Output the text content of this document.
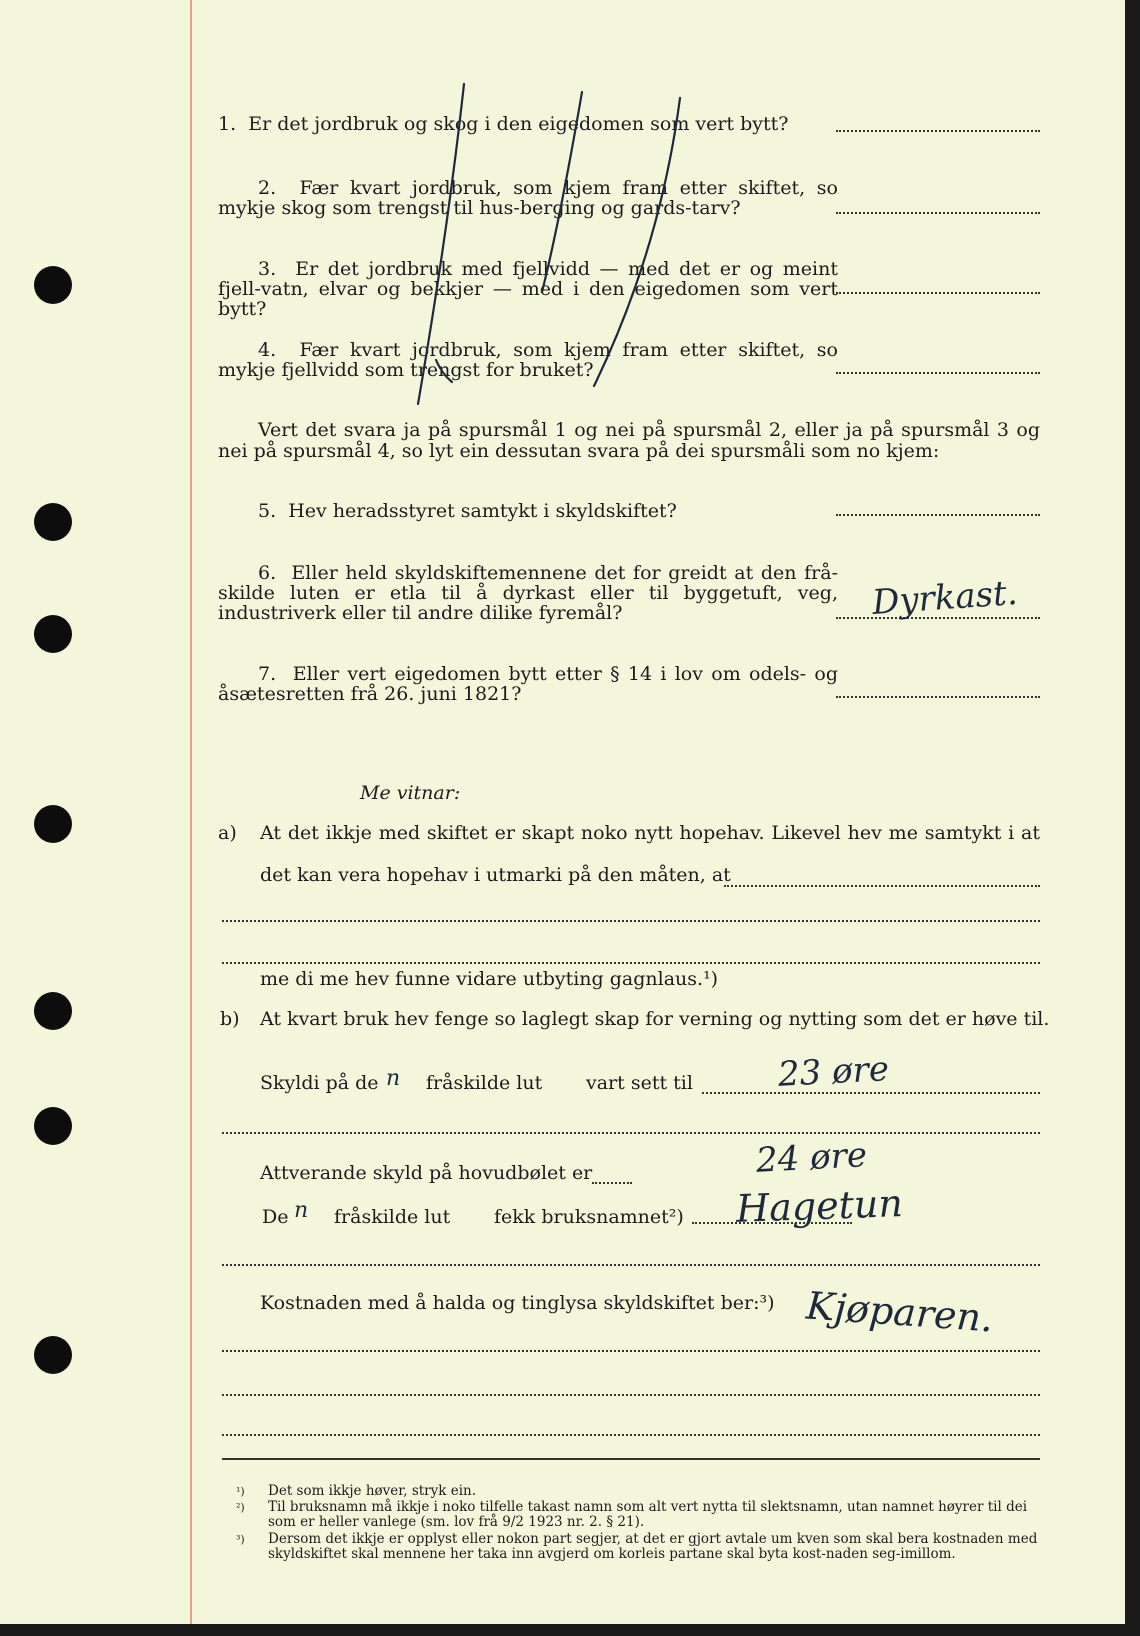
1. Er det jordbruk og skog i den eigedomen som vert bytt?
2. Fær kvart jordbruk, som kjem fram etter skiftet, so mykje skog som trengst til hus‐berging og gards‐tarv?
3. Er det jordbruk med fjellvidd — med det er og meint fjell‐vatn, elvar og bekkjer — med i den eigedomen som vert bytt?
4. Fær kvart jordbruk, som kjem fram etter skiftet, so mykje fjellvidd som trengst for bruket?
Vert det svara ja på spursmål 1 og nei på spursmål 2, eller ja på spursmål 3 og nei på spursmål 4, so lyt ein dessutan svara på dei spursmåli som no kjem:
5. Hev heradsstyret samtykt i skyldskiftet?
6. Eller held skyldskiftemennene det for greidt at den frå‐skilde luten er etla til å dyrkast eller til byggetuft, veg, industriverk eller til andre dilike fyremål?	Dyrkast.
7. Eller vert eigedomen bytt etter § 14 i lov om odels‐ og åsætesretten frå 26. juni 1821?
Me vitnar:
a) At det ikkje med skiftet er skapt noko nytt hopehav. Likevel hev me samtykt i at
det kan vera hopehav i utmarki på den måten, at
me di me hev funne vidare utbyting gagnlaus.¹)
b) At kvart bruk hev fenge so laglegt skap for verning og nytting som det er høve til.
Skyldi på de n fråskilde lut vart sett til 23 øre
Attverande skyld på hovudbølet er	24 øre
De n fråskilde lut fekk bruksnamnet²) Hagetun
Kostnaden med å halda og tinglysa skyldskiftet ber:³) Kjøparen.
¹)	Det som ikkje høver, stryk ein.
²)	Til bruksnamn må ikkje i noko tilfelle takast namn som alt vert nytta til slektsnamn, utan namnet høyrer til dei som er heller vanlege (sm. lov frå 9/2 1923 nr. 2. § 21).
³)	Dersom det ikkje er opplyst eller nokon part segjer, at det er gjort avtale um kven som skal bera kostnaden med skyldskiftet skal mennene her taka inn avgjerd om korleis partane skal byta kost‐naden seg‐imillom.
